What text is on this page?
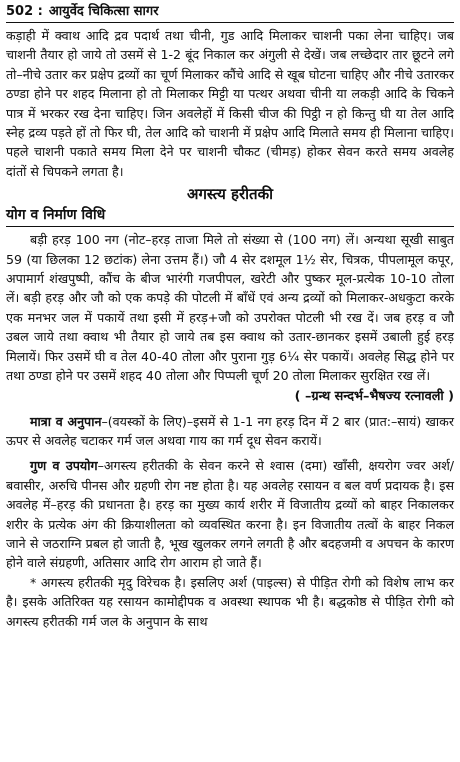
502 : आयुर्वेद चिकित्सा सागर

कड़ाही में क्वाथ आदि द्रव पदार्थ तथा चीनी, गुड आदि मिलाकर चाशनी पका लेना चाहिए। जब चाशनी तैयार हो जाये तो उसमें से 1-2 बूंद निकाल कर अंगुली से देखें। जब लच्छेदार तार छूटने लगे तो–नीचे उतार कर प्रक्षेप द्रव्यों का चूर्ण मिलाकर कौंचे आदि से खूब घोटना चाहिए और नीचे उतारकर ठण्डा होने पर शहद मिलाना हो तो मिलाकर मिट्टी या पत्थर अथवा चीनी या लकड़ी आदि के चिकने पात्र में भरकर रख देना चाहिए। जिन अवलेहों में किसी चीज की पिट्ठी न हो किन्तु घी या तेल आदि स्नेह द्रव्य पड़ते हों तो फिर घी, तेल आदि को चाशनी में प्रक्षेप आदि मिलाते समय ही मिलाना चाहिए। पहले चाशनी पकाते समय मिला देने पर चाशनी चौकट (चीमड़) होकर सेवन करते समय अवलेह दांतों से चिपकने लगता है।

अगस्त्य हरीतकी
योग व निर्माण विधि

बड़ी हरड़ 100 नग (नोट–हरड़ ताजा मिले तो संख्या से (100 नग) लें। अन्यथा सूखी साबुत 59 (या छिलका 12 छटांक) लेना उत्तम हैं।) जौ 4 सेर दशमूल 1½ सेर, चित्रक, पीपलामूल कपूर, अपामार्ग शंखपुष्पी, कौंच के बीज भारंगी गजपीपल, खरेटी और पुष्कर मूल-प्रत्येक 10-10 तोला लें। बड़ी हरड़ और जौ को एक कपड़े की पोटली में बाँधें एवं अन्य द्रव्यों को मिलाकर-अधकुटा करके एक मनभर जल में पकायें तथा इसी में हरड़+जौ को उपरोक्त पोटली भी रख दें। जब हरड़ व जौ उबल जाये तथा क्वाथ भी तैयार हो जाये तब इस क्वाथ को उतार-छानकर इसमें उबाली हुई हरड़ मिलायें। फिर उसमें घी व तेल 40-40 तोला और पुराना गुड़ 6¼ सेर पकायें। अवलेह सिद्ध होने पर तथा ठण्डा होने पर उसमें शहद 40 तोला और पिप्पली चूर्ण 20 तोला मिलाकर सुरक्षित रख लें।

( –ग्रन्थ सन्दर्भ–भैषज्य रत्नावली )

मात्रा व अनुपान–(वयस्कों के लिए)–इसमें से 1-1 नग हरड़ दिन में 2 बार (प्रात:–सायं) खाकर ऊपर से अवलेह चटाकर गर्म जल अथवा गाय का गर्म दूध सेवन करायें।

गुण व उपयोग–अगस्त्य हरीतकी के सेवन करने से श्वास (दमा) खाँसी, क्षयरोग ज्वर अर्श/बवासीर, अरुचि पीनस और ग्रहणी रोग नष्ट होता है। यह अवलेह रसायन व बल वर्ण प्रदायक है। इस अवलेह में–हरड़ की प्रधानता है। हरड़ का मुख्य कार्य शरीर में विजातीय द्रव्यों को बाहर निकालकर शरीर के प्रत्येक अंग की क्रियाशीलता को व्यवस्थित करना है। इन विजातीय तत्वों के बाहर निकल जाने से जठराग्नि प्रबल हो जाती है, भूख खुलकर लगने लगती है और बदहजमी व अपचन के कारण होने वाले संग्रहणी, अतिसार आदि रोग आराम हो जाते हैं।

* अगस्त्य हरीतकी मृदु विरेचक है। इसलिए अर्श (पाइल्स) से पीड़ित रोगी को विशेष लाभ कर है। इसके अतिरिक्त यह रसायन कामोद्दीपक व अवस्था स्थापक भी है। बद्धकोष्ठ से पीड़ित रोगी को अगस्त्य हरीतकी गर्म जल के अनुपान के साथ
